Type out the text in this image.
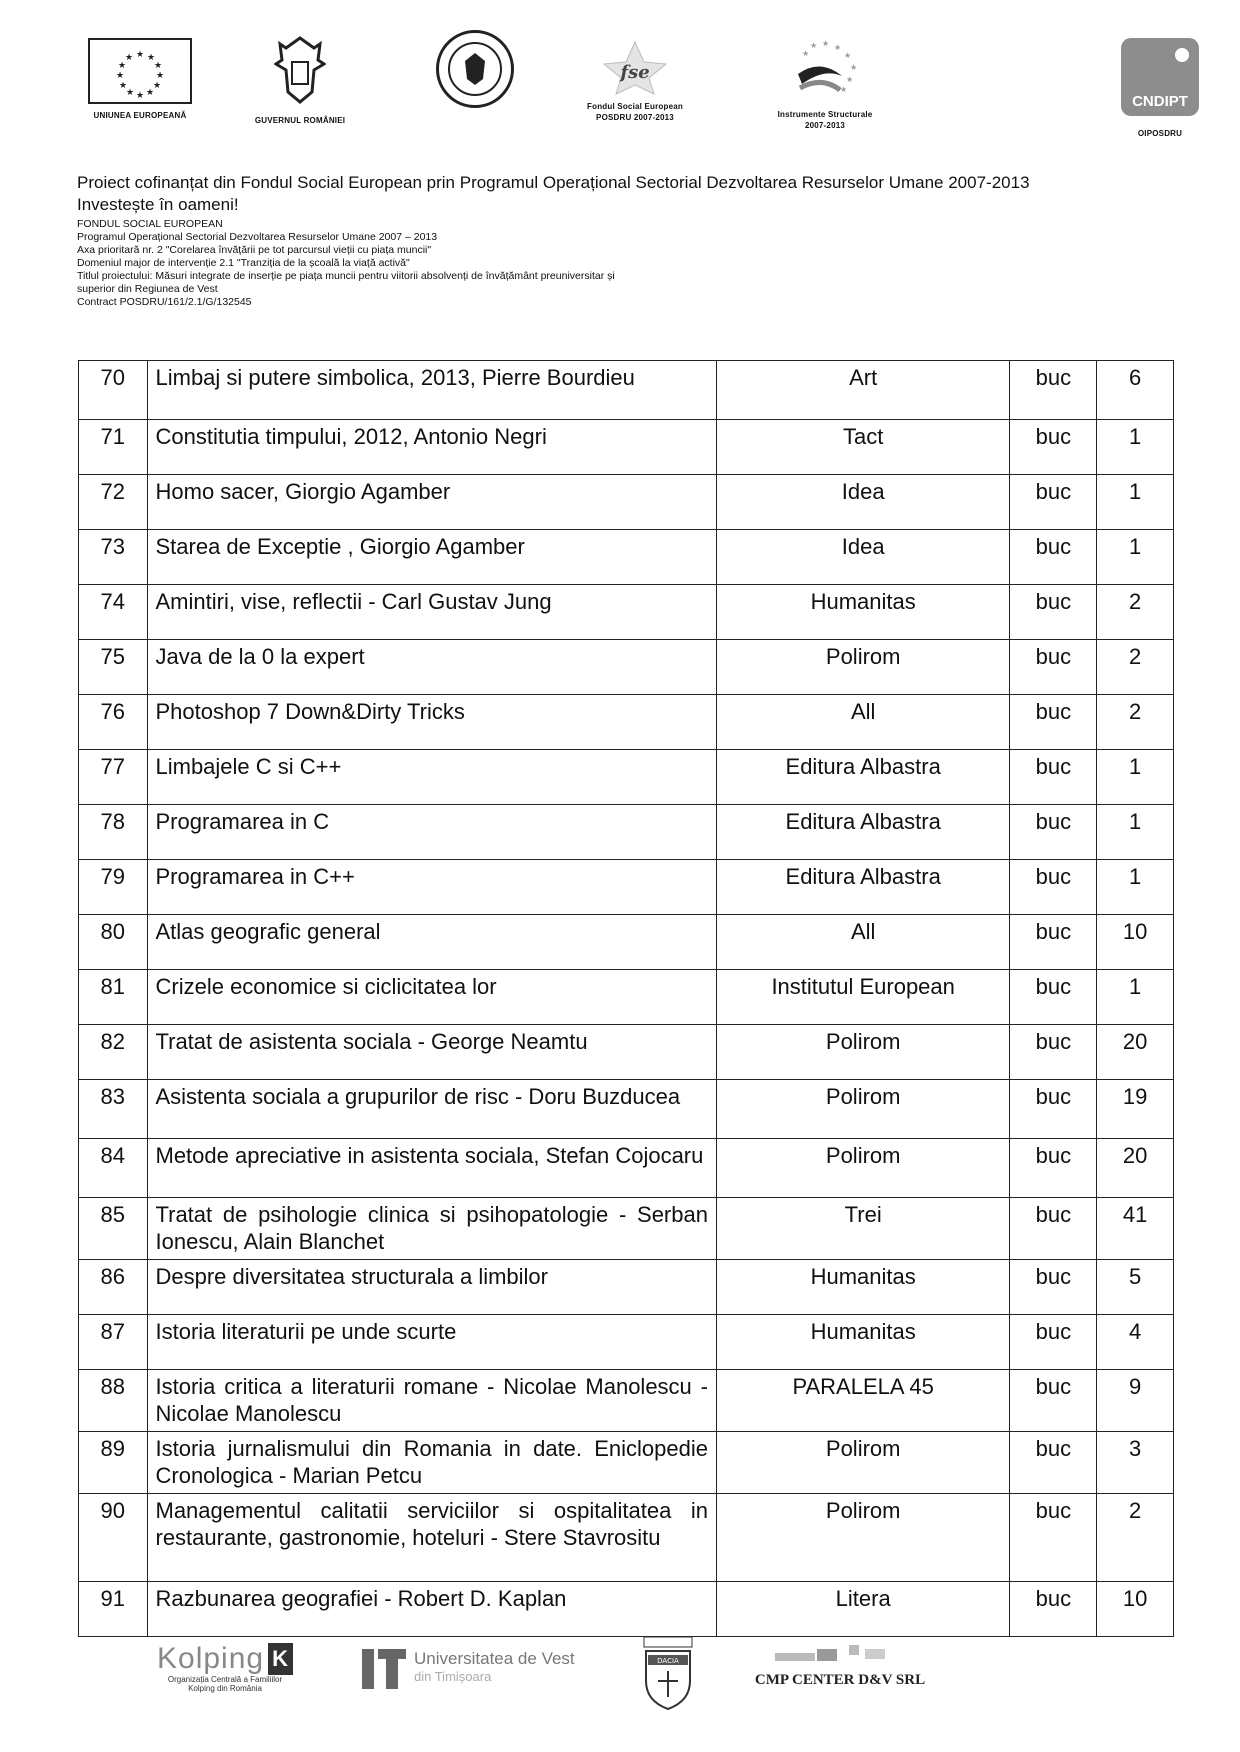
★ ★
★
★
★
★
★
★
★
★
★
★
UNIUNEA EUROPEANĂ
GUVERNUL ROMÂNIEI
fse
Fondul Social European
POSDRU 2007-2013
★ ★ ★
★
★
★
★
★
Instrumente Structurale
2007-2013
CNDIPT
OIPOSDRU
Proiect cofinanțat din Fondul Social European prin Programul Operațional Sectorial Dezvoltarea Resurselor Umane 2007-2013
Investește în oameni!
FONDUL SOCIAL EUROPEAN
Programul Operațional Sectorial Dezvoltarea Resurselor Umane 2007 – 2013
Axa prioritară nr. 2 "Corelarea învățării pe tot parcursul vieții cu piața muncii"
Domeniul major de intervenție 2.1 "Tranziția de la școală la viață activă"
Titlul proiectului: Măsuri integrate de inserție pe piața muncii pentru viitorii absolvenți de învățământ preuniversitar și
superior din Regiunea de Vest
Contract POSDRU/161/2.1/G/132545
70	Limbaj si putere simbolica, 2013, Pierre Bourdieu	Art	buc	6
71	Constitutia timpului, 2012, Antonio Negri	Tact	buc	1
72	Homo sacer, Giorgio Agamber	Idea	buc	1
73	Starea de Exceptie , Giorgio Agamber	Idea	buc	1
74	Amintiri, vise, reflectii - Carl Gustav Jung	Humanitas	buc	2
75	Java de la 0 la expert	Polirom	buc	2
76	Photoshop 7 Down&Dirty Tricks	All	buc	2
77	Limbajele C si C++	Editura Albastra	buc	1
78	Programarea in C	Editura Albastra	buc	1
79	Programarea in C++	Editura Albastra	buc	1
80	Atlas geografic general	All	buc	10
81	Crizele economice si ciclicitatea lor	Institutul European	buc	1
82	Tratat de asistenta sociala - George Neamtu	Polirom	buc	20
83	Asistenta sociala a grupurilor de risc - Doru Buzducea	Polirom	buc	19
84	Metode apreciative in asistenta sociala, Stefan Cojocaru	Polirom	buc	20
85	Tratat de psihologie clinica si psihopatologie - Serban Ionescu, Alain Blanchet	Trei	buc	41
86	Despre diversitatea structurala a limbilor	Humanitas	buc	5
87	Istoria literaturii pe unde scurte	Humanitas	buc	4
88	Istoria critica a literaturii romane - Nicolae Manolescu - Nicolae Manolescu	PARALELA 45	buc	9
89	Istoria jurnalismului din Romania in date. Eniclopedie Cronologica - Marian Petcu	Polirom	buc	3
90	Managementul calitatii serviciilor si ospitalitatea in restaurante, gastronomie, hoteluri - Stere Stavrositu	Polirom	buc	2
91	Razbunarea geografiei - Robert D. Kaplan	Litera	buc	10
Kolping K
Organizația Centrală a Familiilor
Kolping din România
Universitatea de Vest
din Timișoara
DACIA
CMP CENTER D&V SRL
